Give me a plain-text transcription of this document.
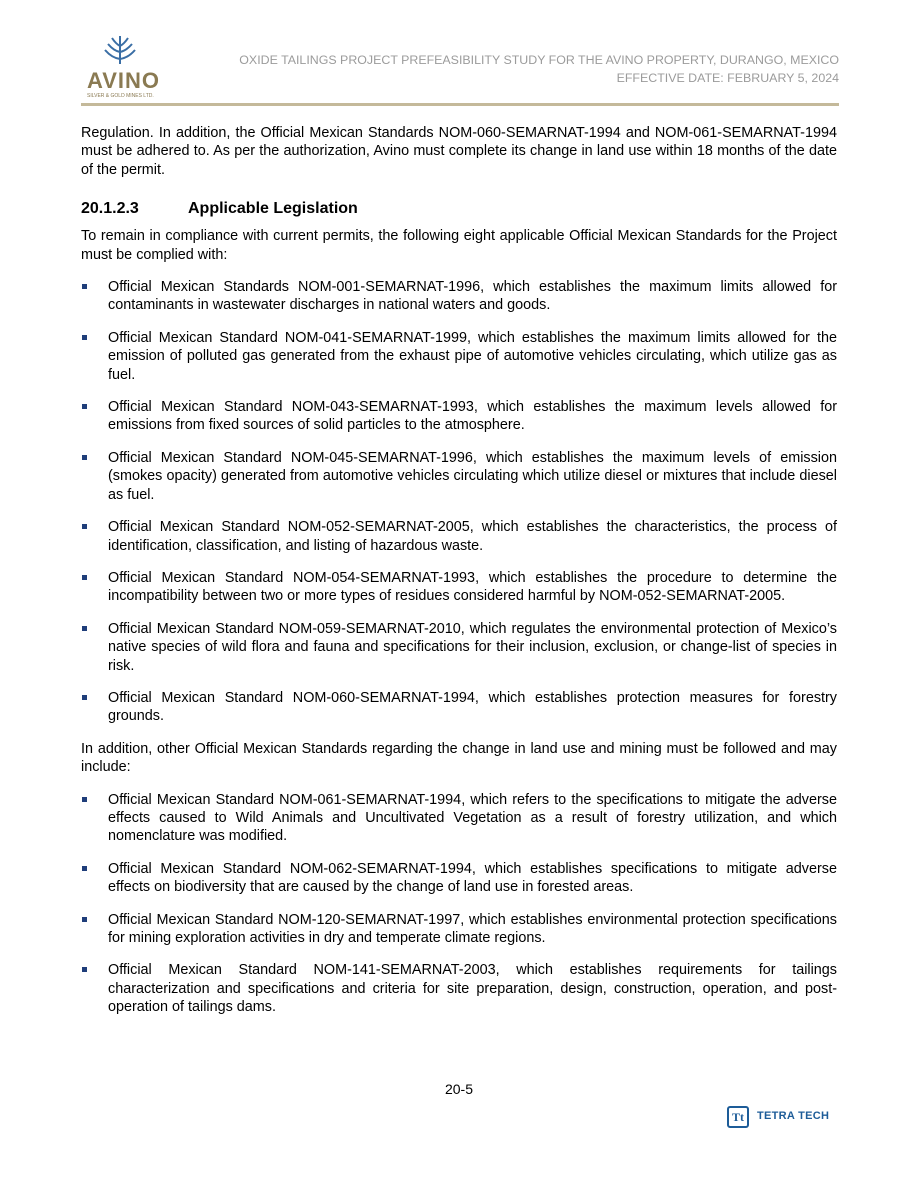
AVINO
SILVER & GOLD MINES LTD.
OXIDE TAILINGS PROJECT PREFEASIBILITY STUDY FOR THE AVINO PROPERTY, DURANGO, MEXICO
EFFECTIVE DATE: FEBRUARY 5, 2024

Regulation. In addition, the Official Mexican Standards NOM-060-SEMARNAT-1994 and NOM-061-SEMARNAT-1994 must be adhered to. As per the authorization, Avino must complete its change in land use within 18 months of the date of the permit.

20.1.2.3	Applicable Legislation

To remain in compliance with current permits, the following eight applicable Official Mexican Standards for the Project must be complied with:

Official Mexican Standards NOM-001-SEMARNAT-1996, which establishes the maximum limits allowed for contaminants in wastewater discharges in national waters and goods.
Official Mexican Standard NOM-041-SEMARNAT-1999, which establishes the maximum limits allowed for the emission of polluted gas generated from the exhaust pipe of automotive vehicles circulating, which utilize gas as fuel.
Official Mexican Standard NOM-043-SEMARNAT-1993, which establishes the maximum levels allowed for emissions from fixed sources of solid particles to the atmosphere.
Official Mexican Standard NOM-045-SEMARNAT-1996, which establishes the maximum levels of emission (smokes opacity) generated from automotive vehicles circulating which utilize diesel or mixtures that include diesel as fuel.
Official Mexican Standard NOM-052-SEMARNAT-2005, which establishes the characteristics, the process of identification, classification, and listing of hazardous waste.
Official Mexican Standard NOM-054-SEMARNAT-1993, which establishes the procedure to determine the incompatibility between two or more types of residues considered harmful by NOM-052-SEMARNAT-2005.
Official Mexican Standard NOM-059-SEMARNAT-2010, which regulates the environmental protection of Mexico’s native species of wild flora and fauna and specifications for their inclusion, exclusion, or change-list of species in risk.
Official Mexican Standard NOM-060-SEMARNAT-1994, which establishes protection measures for forestry grounds.

In addition, other Official Mexican Standards regarding the change in land use and mining must be followed and may include:

Official Mexican Standard NOM-061-SEMARNAT-1994, which refers to the specifications to mitigate the adverse effects caused to Wild Animals and Uncultivated Vegetation as a result of forestry utilization, and which nomenclature was modified.
Official Mexican Standard NOM-062-SEMARNAT-1994, which establishes specifications to mitigate adverse effects on biodiversity that are caused by the change of land use in forested areas.
Official Mexican Standard NOM-120-SEMARNAT-1997, which establishes environmental protection specifications for mining exploration activities in dry and temperate climate regions.
Official Mexican Standard NOM-141-SEMARNAT-2003, which establishes requirements for tailings characterization and specifications and criteria for site preparation, design, construction, operation, and post-operation of tailings dams.
20-5
Tt	TETRA TECH
